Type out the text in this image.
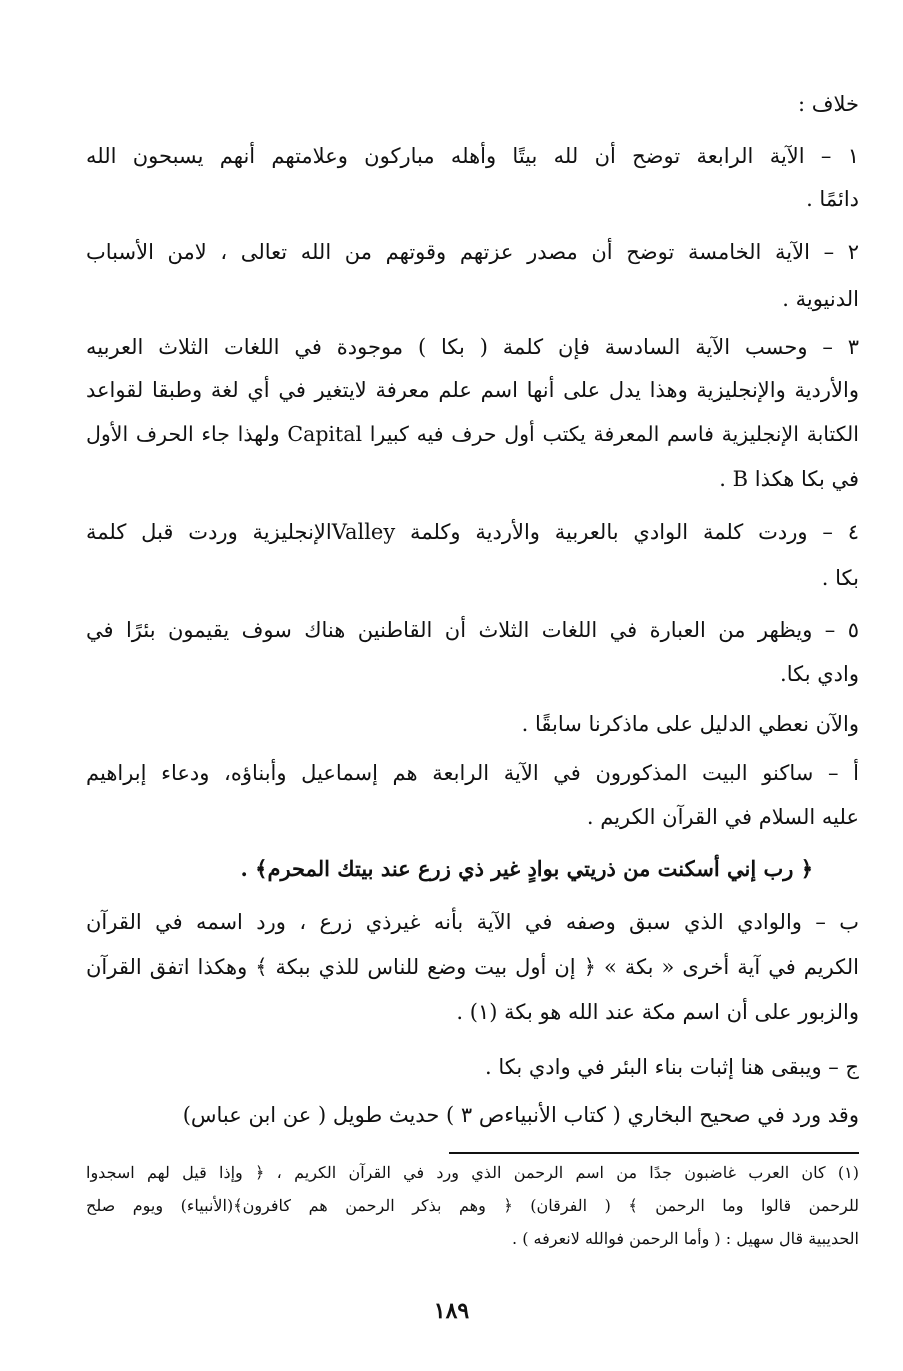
خلاف :
١ – الآية الرابعة توضح أن لله بيتًا وأهله مباركون وعلامتهم أنهم يسبحون الله
دائمًا .
٢ – الآية الخامسة توضح أن مصدر عزتهم وقوتهم من الله تعالى ، لامن الأسباب
الدنيوية .
٣ – وحسب الآية السادسة فإن كلمة ( بكا ) موجودة في اللغات الثلاث العربيه
والأردية والإنجليزية وهذا يدل على أنها اسم علم معرفة لايتغير في أي لغة وطبقا لقواعد
الكتابة الإنجليزية فاسم المعرفة يكتب أول حرف فيه كبيرا Capital ولهذا جاء الحرف الأول
في بكا هكذا B .
٤ – وردت كلمة الوادي بالعربية والأردية وكلمة Valleyالإنجليزية وردت قبل كلمة
بكا .
٥ – ويظهر من العبارة في اللغات الثلاث أن القاطنين هناك سوف يقيمون بئرًا في
وادي بكا.
والآن نعطي الدليل على ماذكرنا سابقًا .
أ – ساكنو البيت المذكورون في الآية الرابعة هم إسماعيل وأبناؤه، ودعاء إبراهيم
عليه السلام في القرآن الكريم .
﴿ رب إني أسكنت من ذريتي بوادٍ غير ذي زرع عند بيتك المحرم﴾ .
ب – والوادي الذي سبق وصفه في الآية بأنه غيرذي زرع ، ورد اسمه في القرآن
الكريم في آية أخرى « بكة » ﴿ إن أول بيت وضع للناس للذي ببكة ﴾ وهكذا اتفق القرآن
والزبور على أن اسم مكة عند الله هو بكة (١) .
ج – ويبقى هنا إثبات بناء البئر في وادي بكا .
وقد ورد في صحيح البخاري ( كتاب الأنبياءص ٣ ) حديث طويل ( عن ابن عباس)
(١) كان العرب غاضبون جدًا من اسم الرحمن الذي ورد في القرآن الكريم ، ﴿ وإذا قيل لهم اسجدوا
للرحمن قالوا وما الرحمن ﴾ ( الفرقان) ﴿ وهم بذكر الرحمن هم كافرون﴾(الأنبياء) ويوم صلح
الحديبية قال سهيل : ( وأما الرحمن فوالله لانعرفه ) .
١٨٩
